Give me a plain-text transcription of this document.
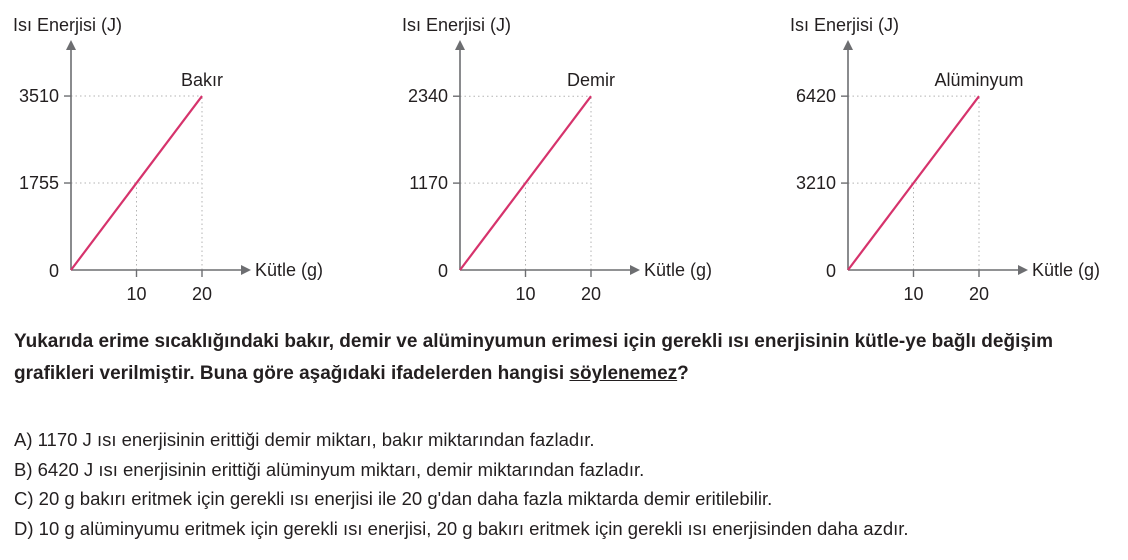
1755
3510
10	20
0
Isı Enerjisi (J)
Kütle (g)
Bakır
1170
2340
10	20
0
Isı Enerjisi (J)
Kütle (g)
Demir
3210
6420
10	20
0
Isı Enerjisi (J)
Kütle (g)
Alüminyum

Yukarıda erime sıcaklığındaki bakır, demir ve alüminyumun erimesi için gerekli ısı enerjisinin kütle-ye bağlı değişim grafikleri verilmiştir. Buna göre aşağıdaki ifadelerden hangisi söylenemez?

A) 1170 J ısı enerjisinin erittiği demir miktarı, bakır miktarından fazladır.
B) 6420 J ısı enerjisinin erittiği alüminyum miktarı, demir miktarından fazladır.
C) 20 g bakırı eritmek için gerekli ısı enerjisi ile 20 g'dan daha fazla miktarda demir eritilebilir.
D) 10 g alüminyumu eritmek için gerekli ısı enerjisi, 20 g bakırı eritmek için gerekli ısı enerjisinden daha azdır.
